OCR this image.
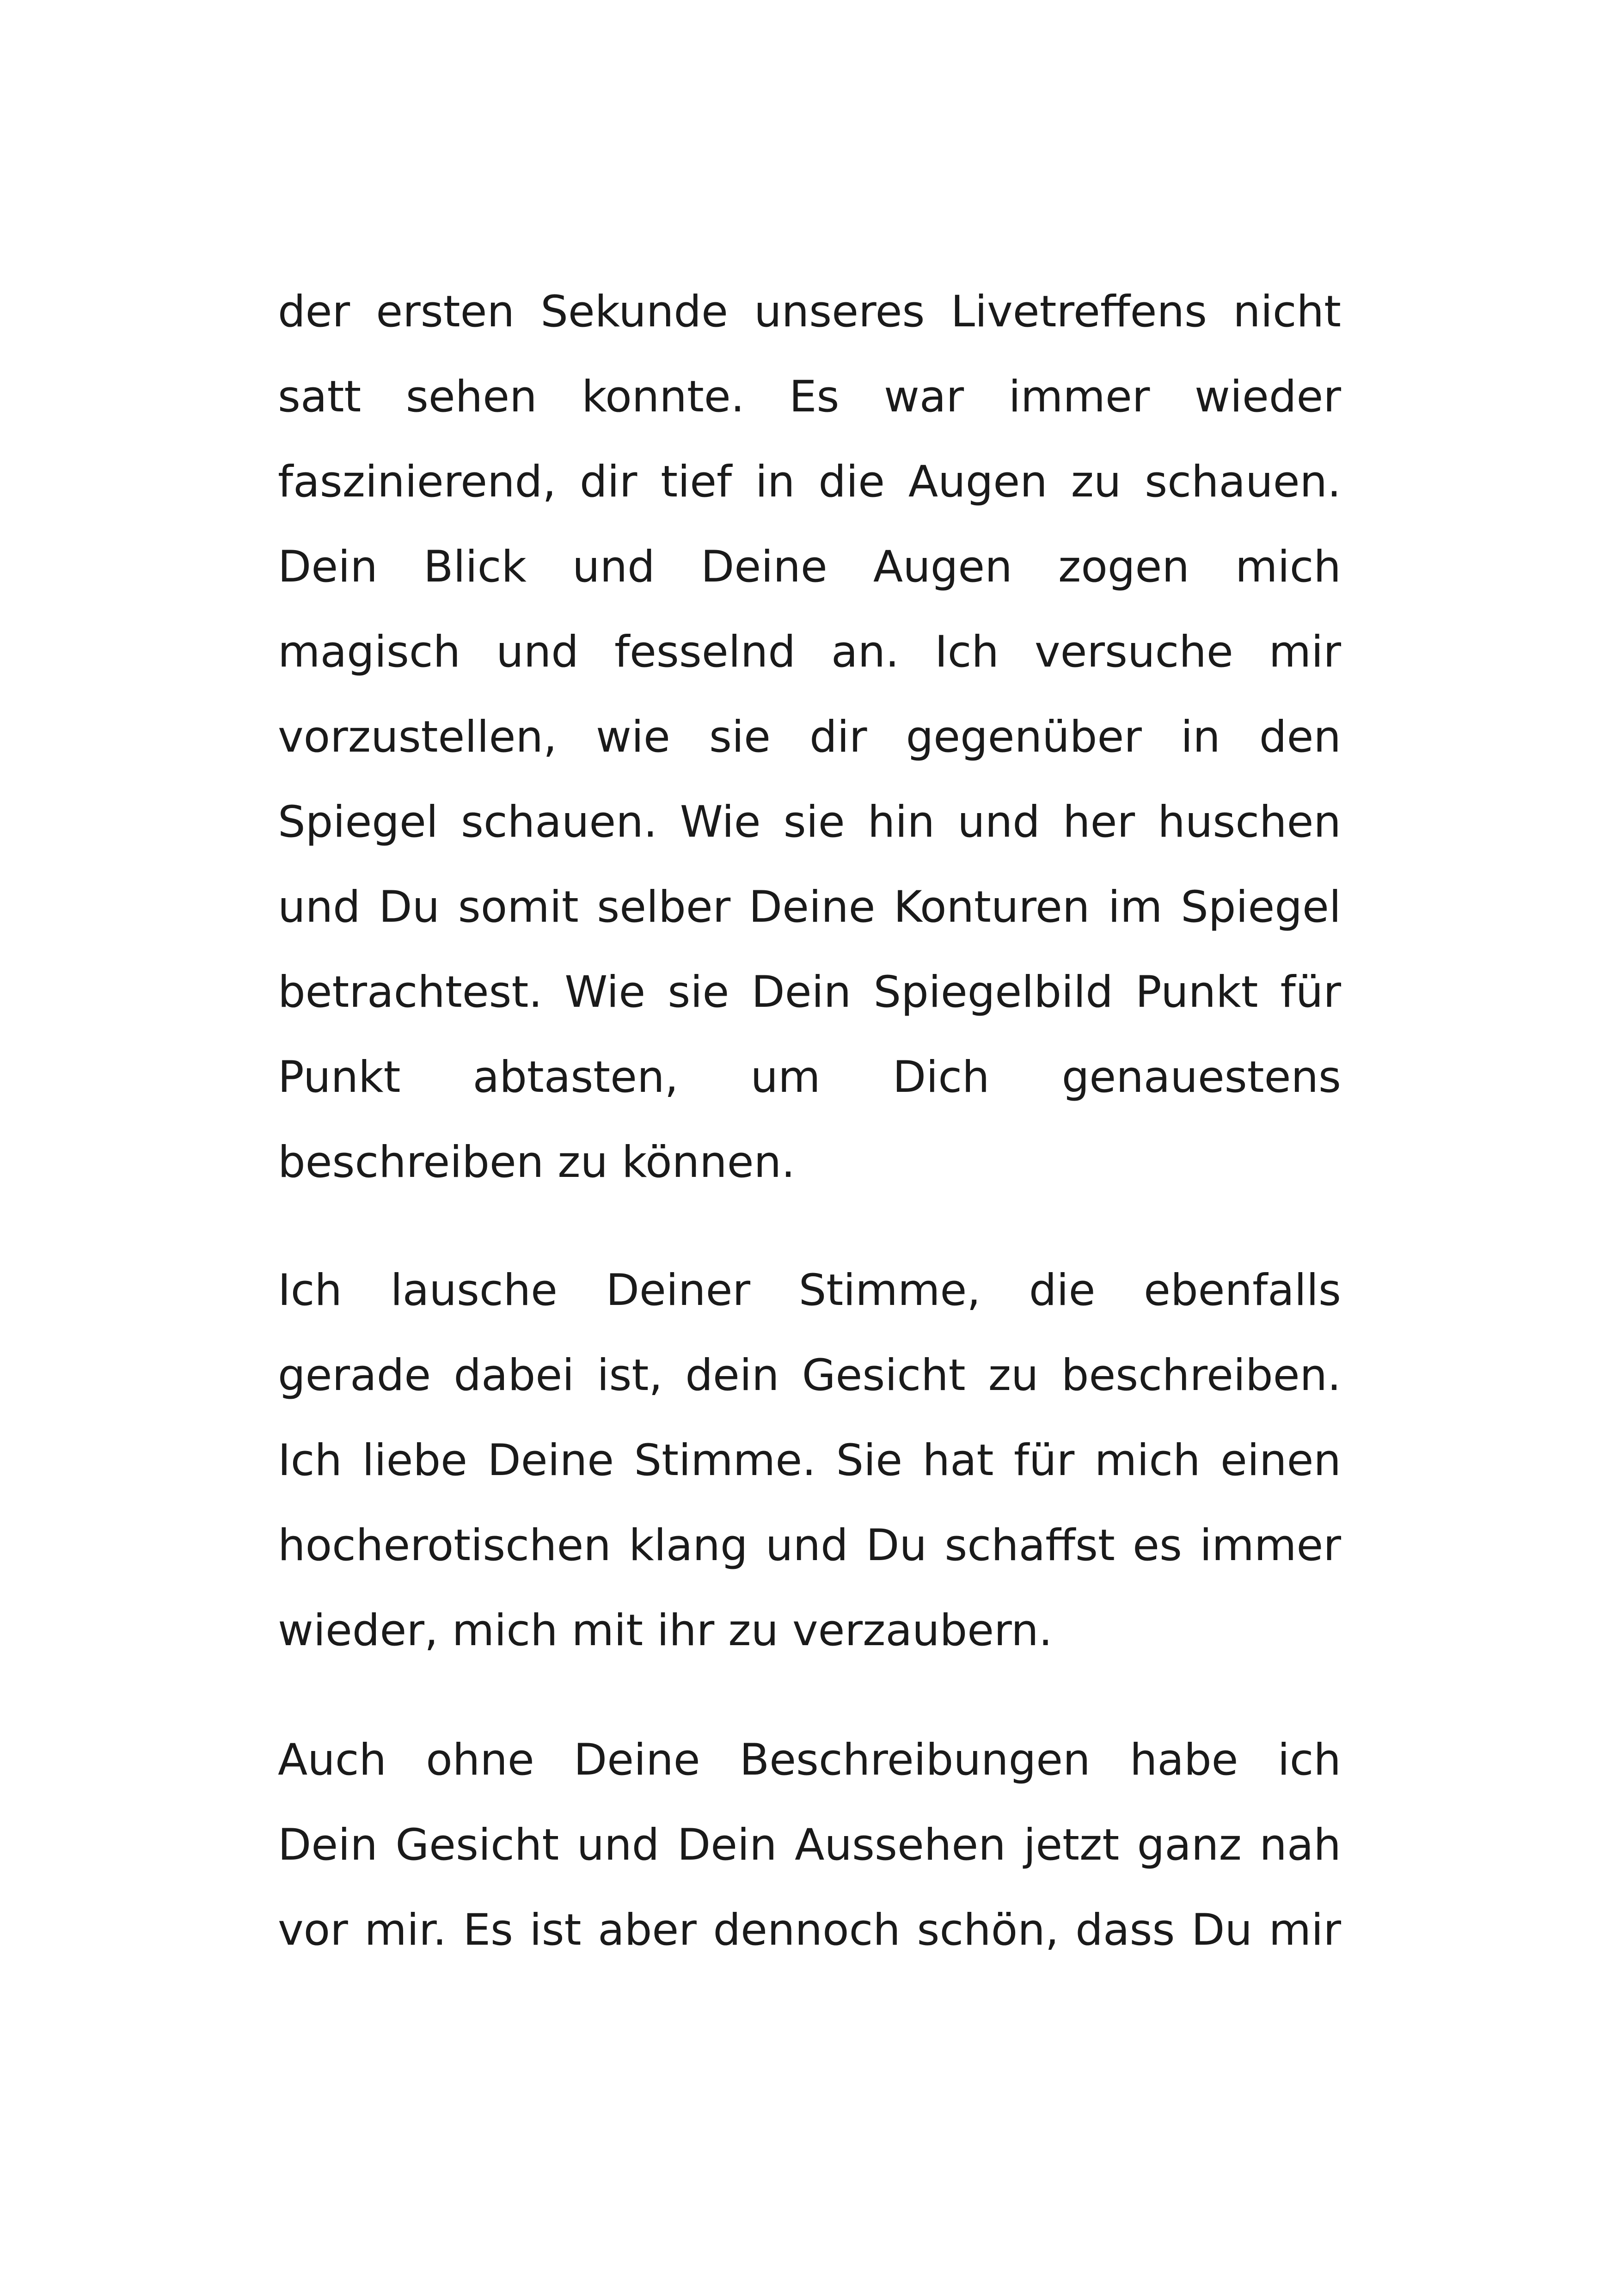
der ersten Sekunde unseres Livetreffens nicht
satt sehen konnte. Es war immer wieder
faszinierend, dir tief in die Augen zu schauen.
Dein Blick und Deine Augen zogen mich
magisch und fesselnd an. Ich versuche mir
vorzustellen, wie sie dir gegenüber in den
Spiegel schauen. Wie sie hin und her huschen
und Du somit selber Deine Konturen im Spiegel
betrachtest. Wie sie Dein Spiegelbild Punkt für
Punkt abtasten, um Dich genauestens
beschreiben zu können.
Ich lausche Deiner Stimme, die ebenfalls
gerade dabei ist, dein Gesicht zu beschreiben.
Ich liebe Deine Stimme. Sie hat für mich einen
hocherotischen klang und Du schaffst es immer
wieder, mich mit ihr zu verzaubern.
Auch ohne Deine Beschreibungen habe ich
Dein Gesicht und Dein Aussehen jetzt ganz nah
vor mir. Es ist aber dennoch schön, dass Du mir
